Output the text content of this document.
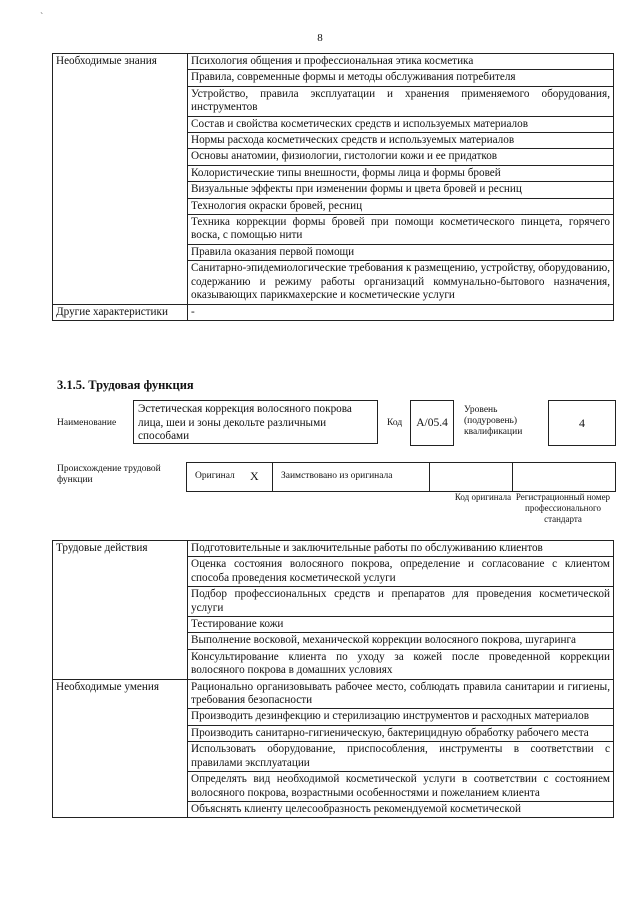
`
8
Необходимые знания	Психология общения и профессиональная этика косметика
	Правила, современные формы и методы обслуживания потребителя
	Устройство, правила эксплуатации и хранения применяемого оборудования, инструментов
	Состав и свойства косметических средств и используемых материалов
	Нормы расхода косметических средств и используемых материалов
	Основы анатомии, физиологии, гистологии кожи и ее придатков
	Колористические типы внешности, формы лица и формы бровей
	Визуальные эффекты при изменении формы и цвета бровей и ресниц
	Технология окраски бровей, ресниц
	Техника коррекции формы бровей при помощи косметического пинцета, горячего воска, с помощью нити
	Правила оказания первой помощи
	Санитарно-эпидемиологические требования к размещению, устройству, оборудованию, содержанию и режиму работы организаций коммунально-бытового назначения, оказывающих парикмахерские и косметические услуги
Другие характеристики	-
3.1.5. Трудовая функция
Наименование
Эстетическая коррекция волосяного покрова лица, шеи и зоны декольте различными способами
Код	А/05.4
Уровень (подуровень) квалификации
4
Происхождение трудовой функции	Оригинал X Заимствовано из оригинала
Код оригинала Регистрационный номер профессионального стандарта
Трудовые действия	Подготовительные и заключительные работы по обслуживанию клиентов
	Оценка состояния волосяного покрова, определение и согласование с клиентом способа проведения косметической услуги
	Подбор профессиональных средств и препаратов для проведения косметической услуги
	Тестирование кожи
	Выполнение восковой, механической коррекции волосяного покрова, шугаринга
	Консультирование клиента по уходу за кожей после проведенной коррекции волосяного покрова в домашних условиях
Необходимые умения	Рационально организовывать рабочее место, соблюдать правила санитарии и гигиены, требования безопасности
	Производить дезинфекцию и стерилизацию инструментов и расходных материалов
	Производить санитарно-гигиеническую, бактерицидную обработку рабочего места
	Использовать оборудование, приспособления, инструменты в соответствии с правилами эксплуатации
	Определять вид необходимой косметической услуги в соответствии с состоянием волосяного покрова, возрастными особенностями и пожеланием клиента
	Объяснять клиенту целесообразность рекомендуемой косметической
